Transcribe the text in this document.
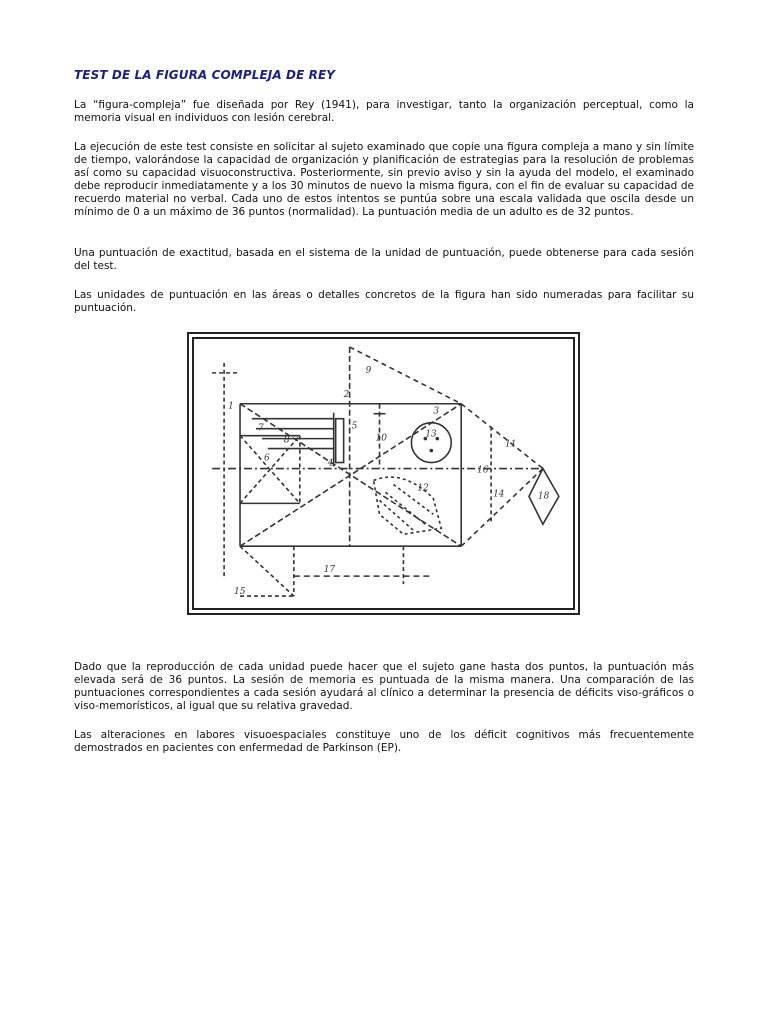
TEST DE LA FIGURA COMPLEJA DE REY

La “figura-compleja” fue diseñada por Rey (1941), para investigar, tanto la organización perceptual, como la memoria visual en individuos con lesión cerebral.

La ejecución de este test consiste en solicitar al sujeto examinado que copie una figura compleja a mano y sin límite de tiempo, valorándose la capacidad de organización y planificación de estrategias para la resolución de problemas así como su capacidad visuoconstructiva. Posteriormente, sin previo aviso y sin la ayuda del modelo, el examinado debe reproducir inmediatamente y a los 30 minutos de nuevo la misma figura, con el fin de evaluar su capacidad de recuerdo material no verbal. Cada uno de estos intentos se puntúa sobre una escala validada que oscila desde un mínimo de 0 a un máximo de 36 puntos (normalidad). La puntuación media de un adulto es de 32 puntos.

Una puntuación de exactitud, basada en el sistema de la unidad de puntuación, puede obtenerse para cada sesión del test.

Las unidades de puntuación en las áreas o detalles concretos de la figura han sido numeradas para facilitar su puntuación.

Dado que la reproducción de cada unidad puede hacer que el sujeto gane hasta dos puntos, la puntuación más elevada será de 36 puntos. La sesión de memoria es puntuada de la misma manera. Una comparación de las puntuaciones correspondientes a cada sesión ayudará al clínico a determinar la presencia de déficits viso-gráficos o viso-memorísticos, al igual que su relativa gravedad.

Las alteraciones en labores visuoespaciales constituye uno de los déficit cognitivos más frecuentemente demostrados en pacientes con enfermedad de Parkinson (EP).

1
2
3
4
5
6
7
8
9
10
11
12
13
14
15
16
17
18
